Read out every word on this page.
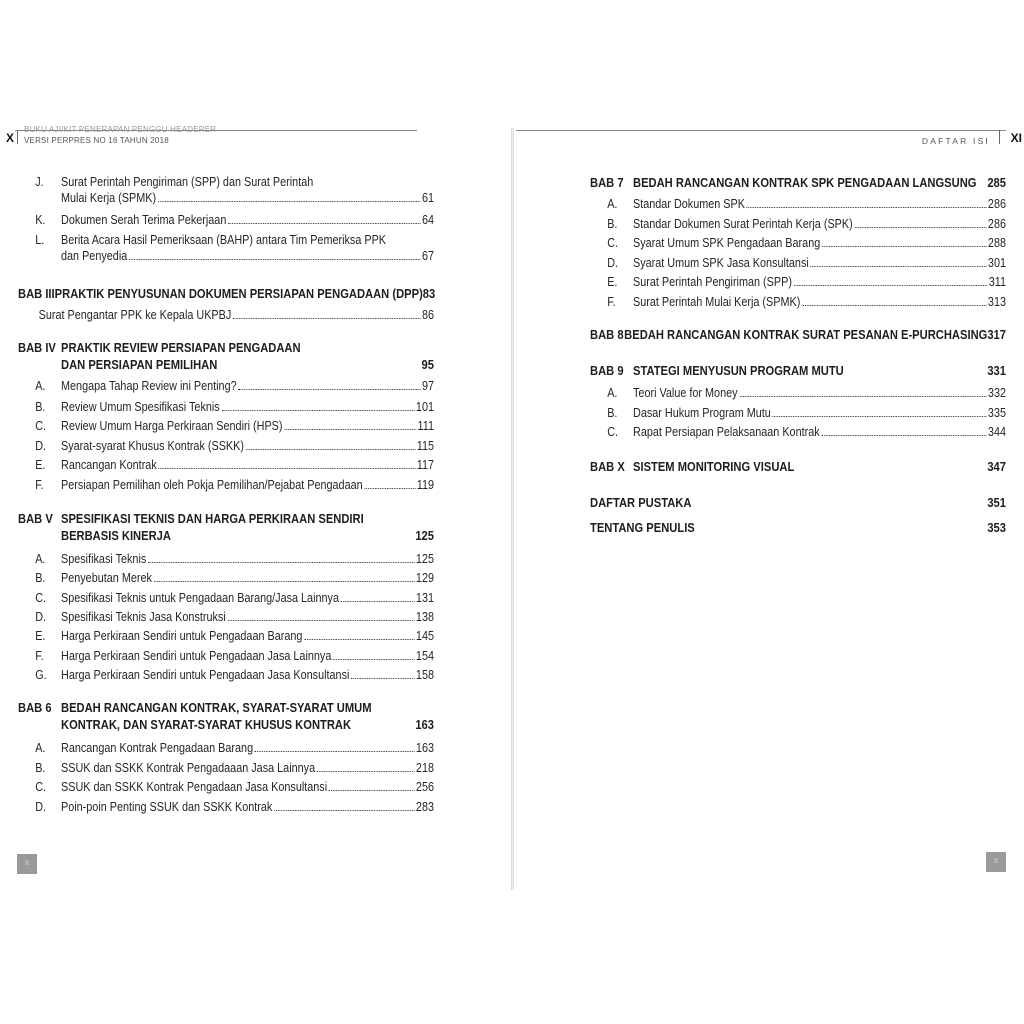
X
BUKU AJI/KIT PENERAPAN PENGGU HEADERER
VERSI PERPRES NO 16 TAHUN 2018
J.	Surat Perintah Pengiriman (SPP) dan Surat Perintah
Mulai Kerja (SPMK)	61
K.	Dokumen Serah Terima Pekerjaan	64
L.	Berita Acara Hasil Pemeriksaan (BAHP) antara Tim Pemeriksa PPK
dan Penyedia	67
BAB III PRAKTIK PENYUSUNAN DOKUMEN PERSIAPAN PENGADAAN (DPP) 83
Surat Pengantar PPK ke Kepala UKPBJ	86
BAB IV PRAKTIK REVIEW PERSIAPAN PENGADAAN
DAN PERSIAPAN PEMILIHAN	95
A.	Mengapa Tahap Review ini Penting?	97
B.	Review Umum Spesifikasi Teknis	101
C.	Review Umum Harga Perkiraan Sendiri (HPS)	111
D.	Syarat-syarat Khusus Kontrak (SSKK)	115
E.	Rancangan Kontrak	117
F.	Persiapan Pemilihan oleh Pokja Pemilihan/Pejabat Pengadaan	119
BAB V SPESIFIKASI TEKNIS DAN HARGA PERKIRAAN SENDIRI
BERBASIS KINERJA	125
A.	Spesifikasi Teknis	125
B.	Penyebutan Merek	129
C.	Spesifikasi Teknis untuk Pengadaan Barang/Jasa Lainnya	131
D.	Spesifikasi Teknis Jasa Konstruksi	138
E.	Harga Perkiraan Sendiri untuk Pengadaan Barang	145
F.	Harga Perkiraan Sendiri untuk Pengadaan Jasa Lainnya	154
G.	Harga Perkiraan Sendiri untuk Pengadaan Jasa Konsultansi	158
BAB 6 BEDAH RANCANGAN KONTRAK, SYARAT-SYARAT UMUM
KONTRAK, DAN SYARAT-SYARAT KHUSUS KONTRAK	163
A.	Rancangan Kontrak Pengadaan Barang	163
B.	SSUK dan SSKK Kontrak Pengadaaan Jasa Lainnya	218
C.	SSUK dan SSKK Kontrak Pengadaan Jasa Konsultansi	256
D.	Poin-poin Penting SSUK dan SSKK Kontrak	283
II
DAFTAR ISI XI
BAB 7 BEDAH RANCANGAN KONTRAK SPK PENGADAAN LANGSUNG 285
A.	Standar Dokumen SPK	286
B.	Standar Dokumen Surat Perintah Kerja (SPK)	286
C.	Syarat Umum SPK Pengadaan Barang	288
D.	Syarat Umum SPK Jasa Konsultansi	301
E.	Surat Perintah Pengiriman (SPP)	311
F.	Surat Perintah Mulai Kerja (SPMK)	313
BAB 8 BEDAH RANCANGAN KONTRAK SURAT PESANAN E-PURCHASING 317
BAB 9 STATEGI MENYUSUN PROGRAM MUTU	331
A.	Teori Value for Money	332
B.	Dasar Hukum Program Mutu	335
C.	Rapat Persiapan Pelaksanaan Kontrak	344
BAB X SISTEM MONITORING VISUAL	347
DAFTAR PUSTAKA	351
TENTANG PENULIS	353
II
